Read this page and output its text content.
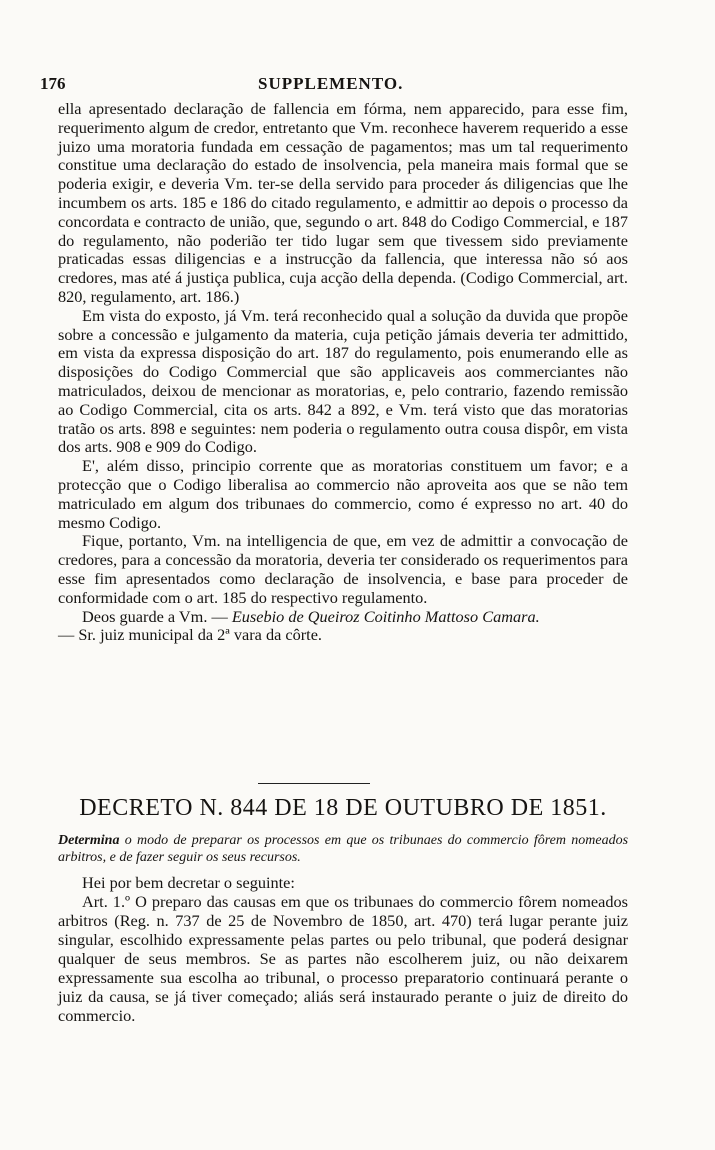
176	SUPPLEMENTO.

ella apresentado declaração de fallencia em fórma, nem apparecido, para esse fim, requerimento algum de credor, entretanto que Vm. reconhece haverem requerido a esse juizo uma moratoria fundada em cessação de pagamentos; mas um tal requerimento constitue uma declaração do estado de insolvencia, pela maneira mais formal que se poderia exigir, e deveria Vm. ter-se della servido para proceder ás diligencias que lhe incumbem os arts. 185 e 186 do citado regulamento, e admittir ao depois o processo da concordata e contracto de união, que, segundo o art. 848 do Codigo Commercial, e 187 do regulamento, não poderião ter tido lugar sem que tivessem sido previamente praticadas essas diligencias e a instrucção da fallencia, que interessa não só aos credores, mas até á justiça publica, cuja acção della dependa. (Codigo Commercial, art. 820, regulamento, art. 186.)

Em vista do exposto, já Vm. terá reconhecido qual a solução da duvida que propõe sobre a concessão e julgamento da materia, cuja petição jámais deveria ter admittido, em vista da expressa disposição do art. 187 do regulamento, pois enumerando elle as disposições do Codigo Commercial que são applicaveis aos commerciantes não matriculados, deixou de mencionar as moratorias, e, pelo contrario, fazendo remissão ao Codigo Commercial, cita os arts. 842 a 892, e Vm. terá visto que das moratorias tratão os arts. 898 e seguintes: nem poderia o regulamento outra cousa dispôr, em vista dos arts. 908 e 909 do Codigo.

E', além disso, principio corrente que as moratorias constituem um favor; e a protecção que o Codigo liberalisa ao commercio não aproveita aos que se não tem matriculado em algum dos tribunaes do commercio, como é expresso no art. 40 do mesmo Codigo.

Fique, portanto, Vm. na intelligencia de que, em vez de admittir a convocação de credores, para a concessão da moratoria, deveria ter considerado os requerimentos para esse fim apresentados como declaração de insolvencia, e base para proceder de conformidade com o art. 185 do respectivo regulamento.

Deos guarde a Vm. — Eusebio de Queiroz Coitinho Mattoso Camara.

— Sr. juiz municipal da 2ª vara da côrte.

DECRETO N. 844 DE 18 DE OUTUBRO DE 1851.
Determina o modo de preparar os processos em que os tribunaes do commercio fôrem nomeados arbitros, e de fazer seguir os seus recursos.

Hei por bem decretar o seguinte:

Art. 1.º O preparo das causas em que os tribunaes do commercio fôrem nomeados arbitros (Reg. n. 737 de 25 de Novembro de 1850, art. 470) terá lugar perante juiz singular, escolhido expressamente pelas partes ou pelo tribunal, que poderá designar qualquer de seus membros. Se as partes não escolherem juiz, ou não deixarem expressamente sua escolha ao tribunal, o processo preparatorio continuará perante o juiz da causa, se já tiver começado; aliás será instaurado perante o juiz de direito do commercio.
